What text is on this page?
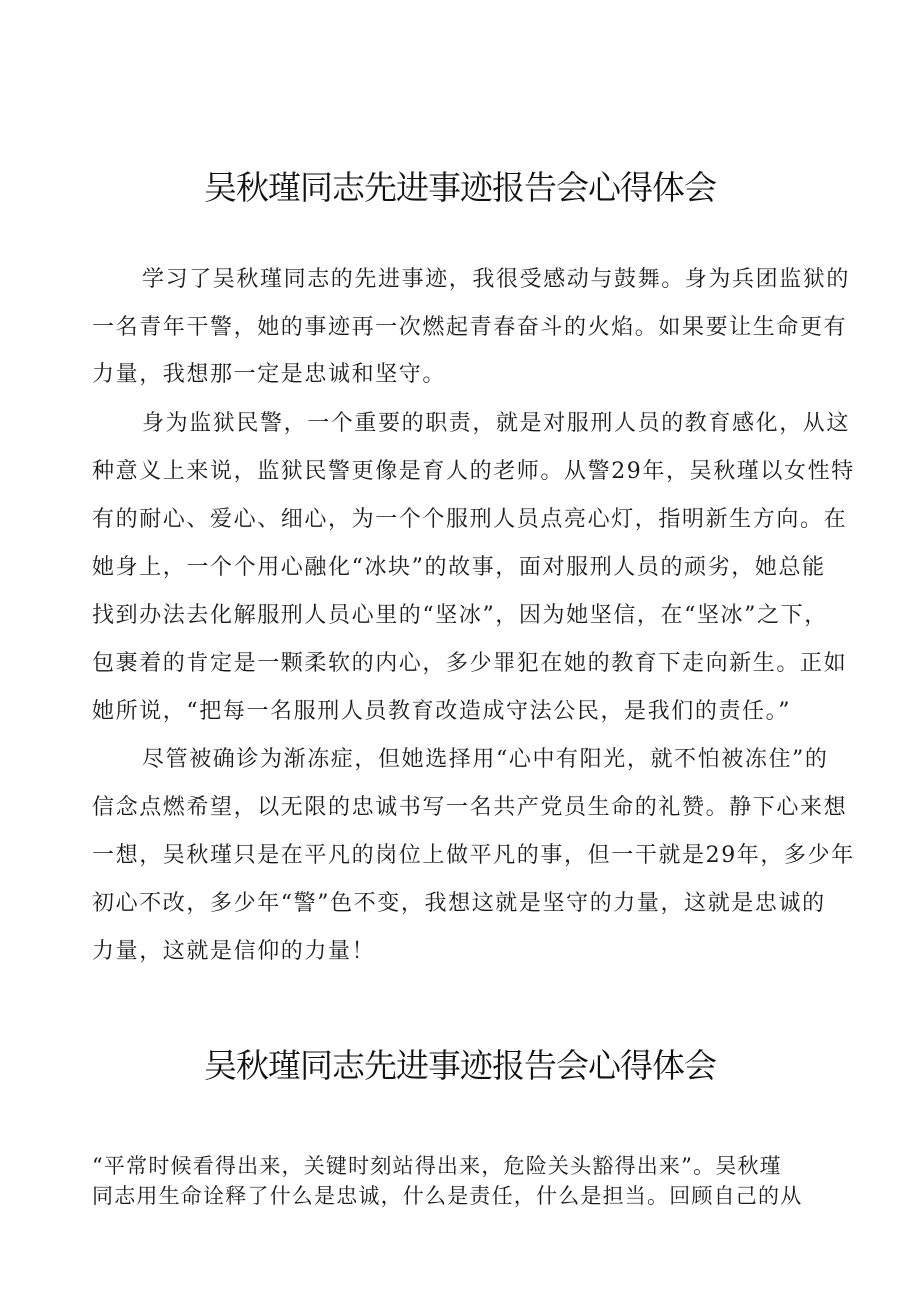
吴秋瑾同志先进事迹报告会心得体会
学习了吴秋瑾同志的先进事迹，我很受感动与鼓舞。身为兵团监狱的
一名青年干警，她的事迹再一次燃起青春奋斗的火焰。如果要让生命更有
力量，我想那一定是忠诚和坚守。
身为监狱民警，一个重要的职责，就是对服刑人员的教育感化，从这
种意义上来说，监狱民警更像是育人的老师。从警29年，吴秋瑾以女性特
有的耐心、爱心、细心，为一个个服刑人员点亮心灯，指明新生方向。在
她身上，一个个用心融化“冰块”的故事，面对服刑人员的顽劣，她总能
找到办法去化解服刑人员心里的“坚冰”，因为她坚信，在“坚冰”之下，
包裹着的肯定是一颗柔软的内心，多少罪犯在她的教育下走向新生。正如
她所说，“把每一名服刑人员教育改造成守法公民，是我们的责任。”
尽管被确诊为渐冻症，但她选择用“心中有阳光，就不怕被冻住”的
信念点燃希望，以无限的忠诚书写一名共产党员生命的礼赞。静下心来想
一想，吴秋瑾只是在平凡的岗位上做平凡的事，但一干就是29年，多少年
初心不改，多少年“警”色不变，我想这就是坚守的力量，这就是忠诚的
力量，这就是信仰的力量！
吴秋瑾同志先进事迹报告会心得体会
“平常时候看得出来，关键时刻站得出来，危险关头豁得出来”。吴秋瑾
同志用生命诠释了什么是忠诚，什么是责任，什么是担当。回顾自己的从
